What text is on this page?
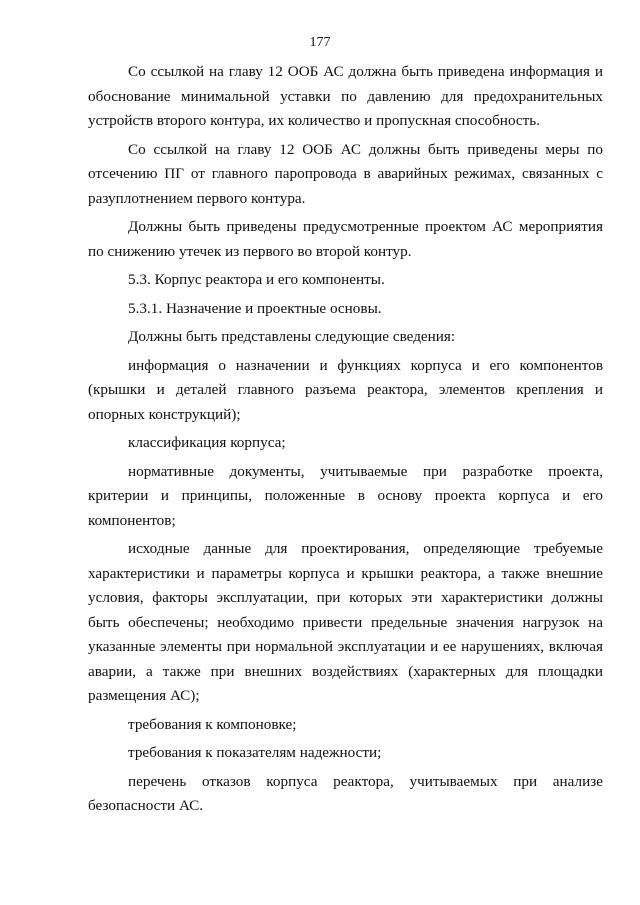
177

Со ссылкой на главу 12 ООБ АС должна быть приведена информация и обоснование минимальной уставки по давлению для предохранительных устройств второго контура, их количество и пропускная способность.

Со ссылкой на главу 12 ООБ АС должны быть приведены меры по отсечению ПГ от главного паропровода в аварийных режимах, связанных с разуплотнением первого контура.

Должны быть приведены предусмотренные проектом АС мероприятия по снижению утечек из первого во второй контур.

5.3. Корпус реактора и его компоненты.

5.3.1. Назначение и проектные основы.

Должны быть представлены следующие сведения:

информация о назначении и функциях корпуса и его компонентов (крышки и деталей главного разъема реактора, элементов крепления и опорных конструкций);

классификация корпуса;

нормативные документы, учитываемые при разработке проекта, критерии и принципы, положенные в основу проекта корпуса и его компонентов;

исходные данные для проектирования, определяющие требуемые характеристики и параметры корпуса и крышки реактора, а также внешние условия, факторы эксплуатации, при которых эти характеристики должны быть обеспечены; необходимо привести предельные значения нагрузок на указанные элементы при нормальной эксплуатации и ее нарушениях, включая аварии, а также при внешних воздействиях (характерных для площадки размещения АС);

требования к компоновке;

требования к показателям надежности;

перечень отказов корпуса реактора, учитываемых при анализе безопасности АС.
